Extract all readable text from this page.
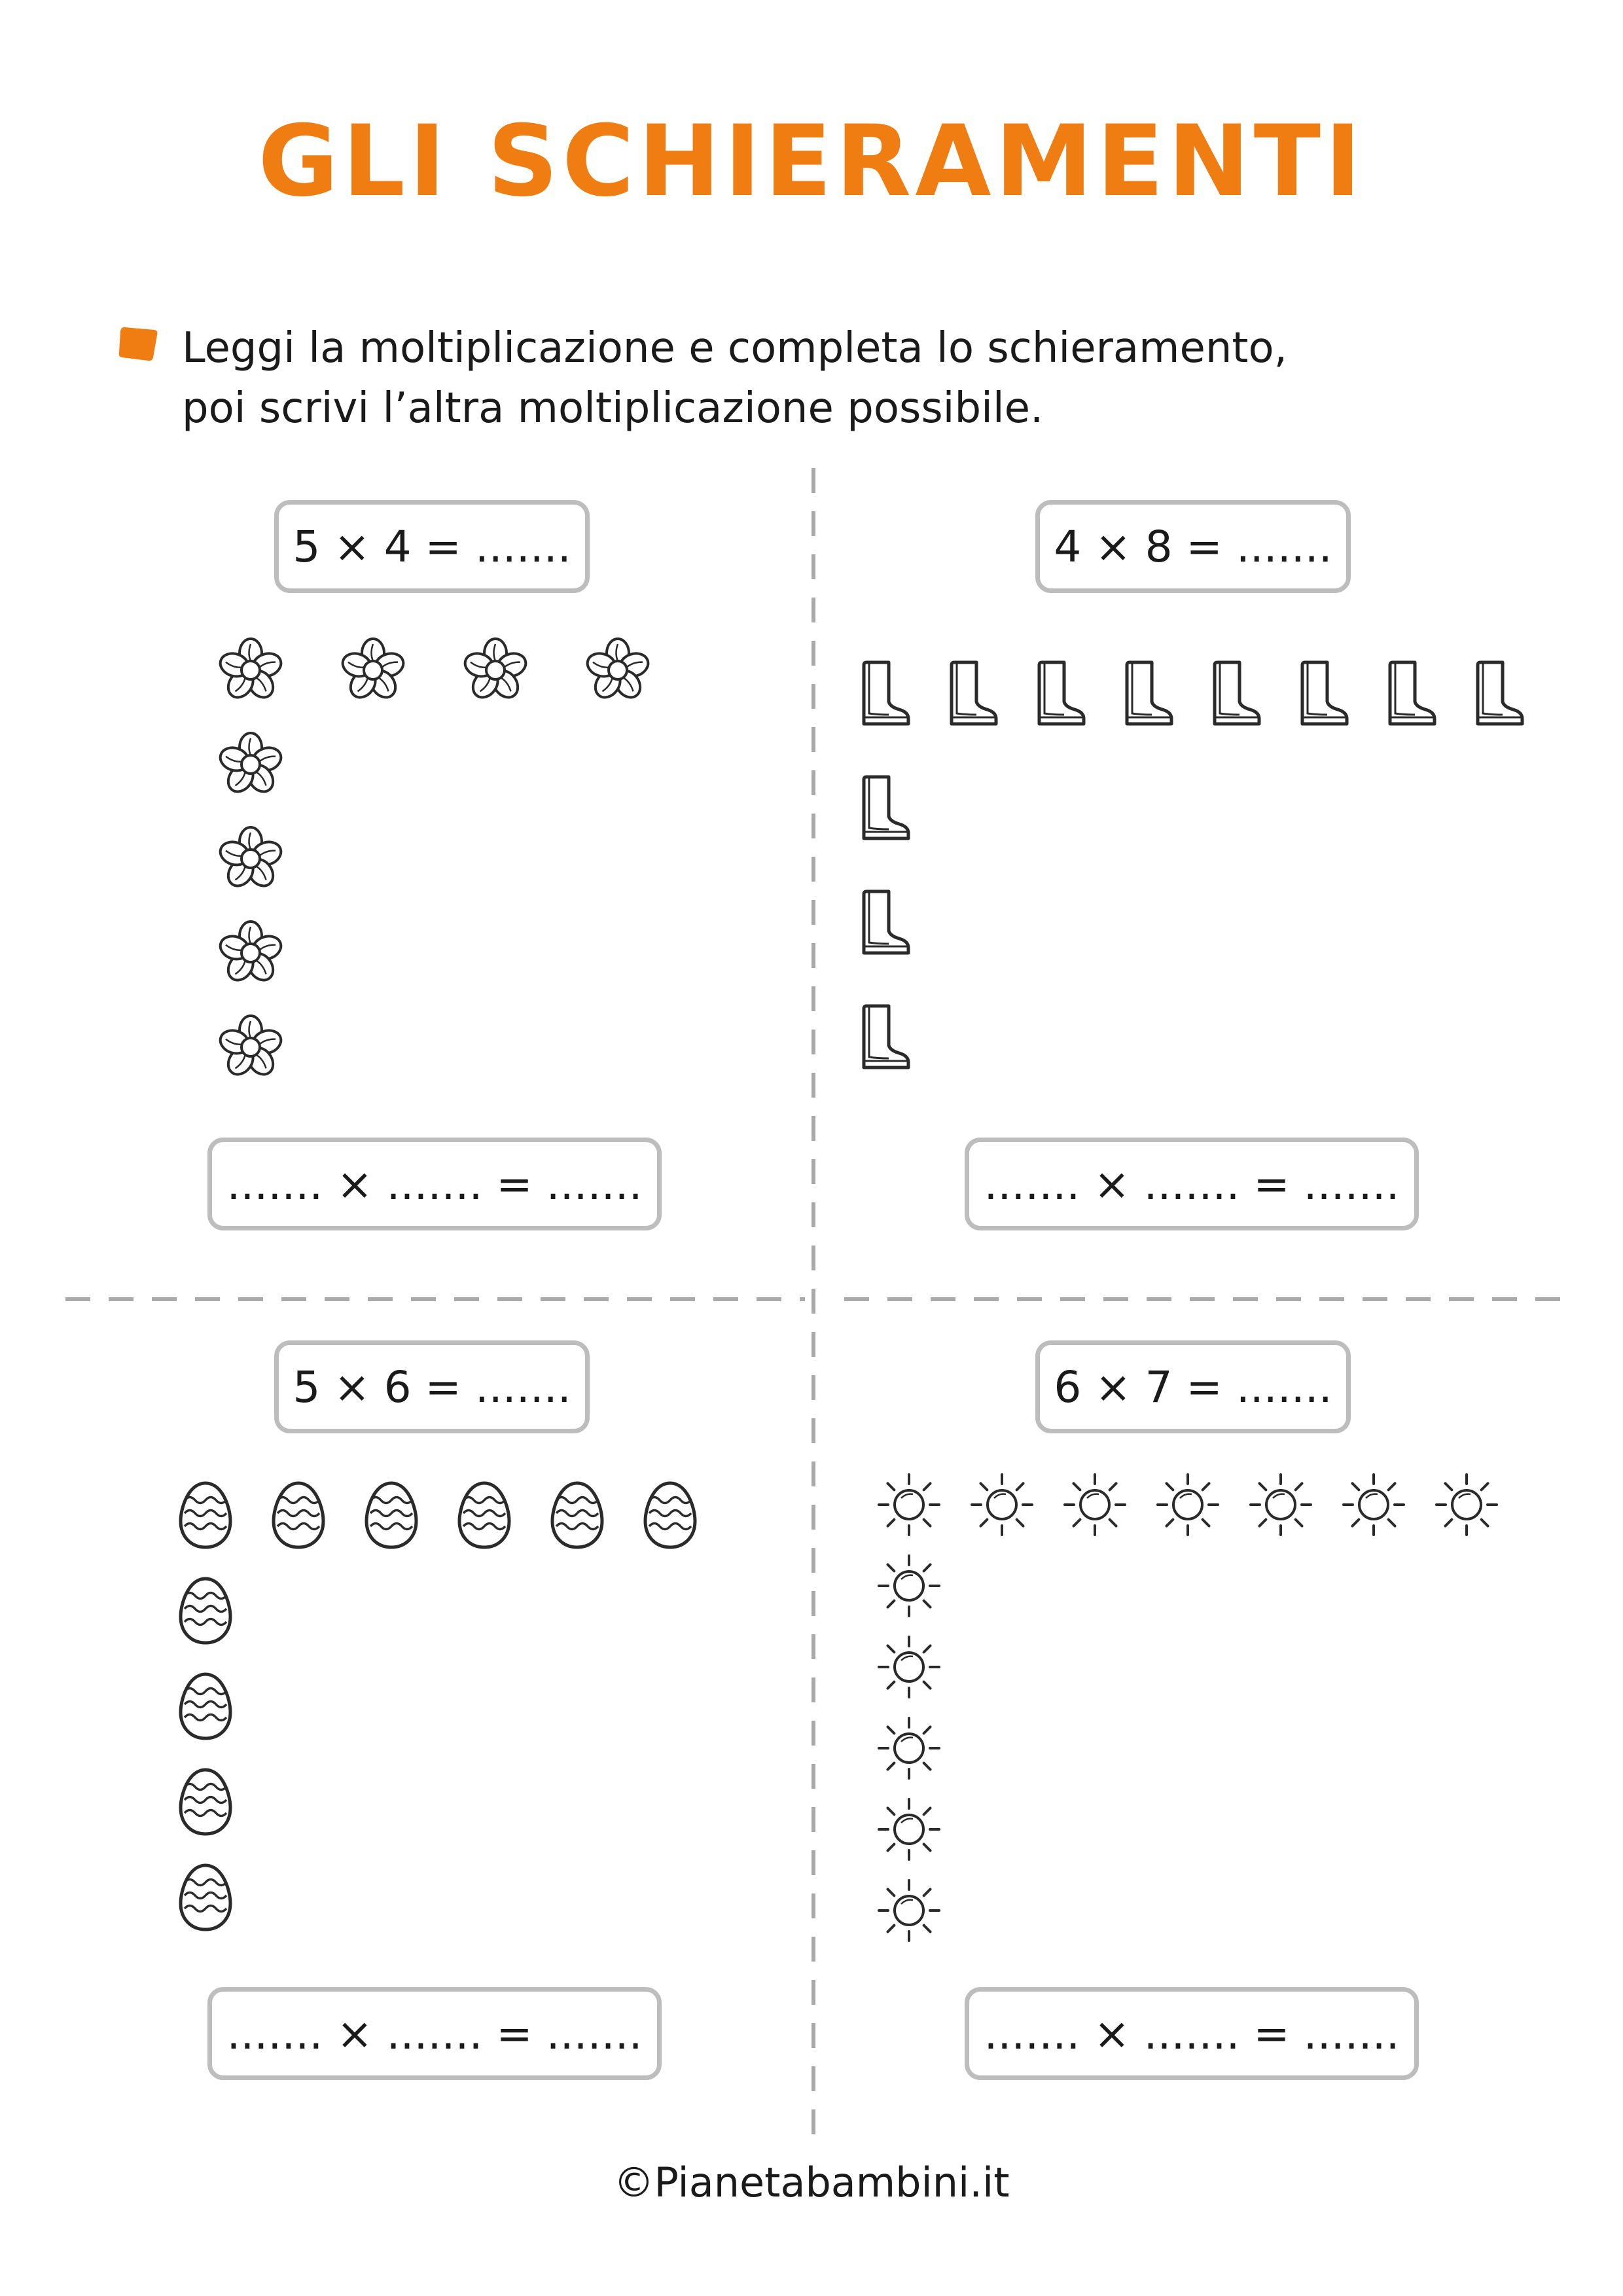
GLI SCHIERAMENTI
Leggi la moltiplicazione e completa lo schieramento,
poi scrivi l’altra moltiplicazione possibile.
5 × 4 = .......
....... × ....... = .......
4 × 8 = .......
....... × ....... = .......
5 × 6 = .......
....... × ....... = .......
6 × 7 = .......
....... × ....... = .......
©Pianetabambini.it
